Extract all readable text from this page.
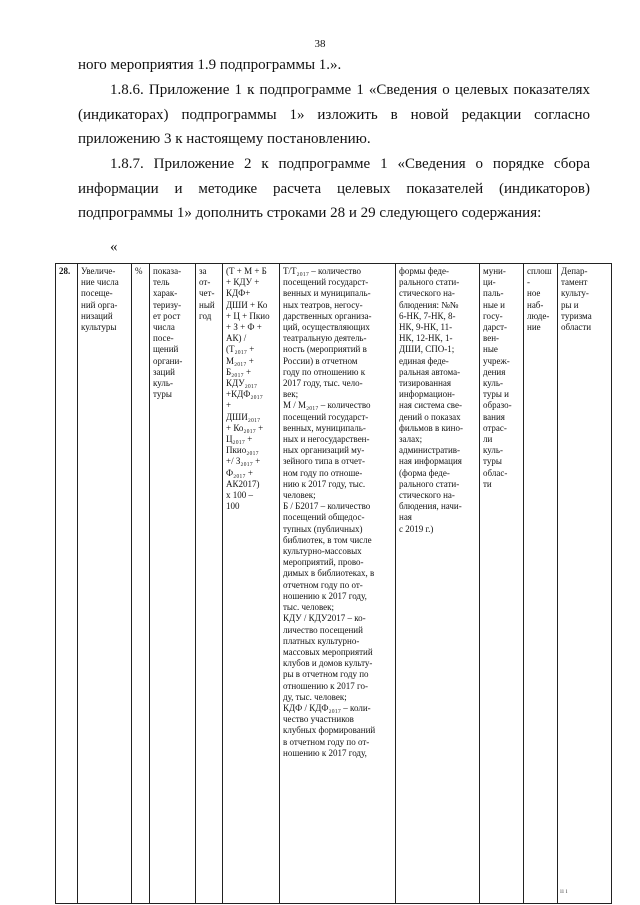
38

ного мероприятия 1.9 подпрограммы 1.».

1.8.6. Приложение 1 к подпрограмме 1 «Сведения о целевых показателях (индикаторах) подпрограммы 1» изложить в новой редакции согласно приложению 3 к настоящему постановлению.

1.8.7. Приложение 2 к подпрограмме 1 «Сведения о порядке сбора информации и методике расчета целевых показателей (индикаторов) подпрограммы 1» дополнить строками 28 и 29 следующего содержания:

«
28.	Увеличе-
ние числа
посеще-
ний орга-
низаций
культуры
	%	показа-
тель
харак-
теризу-
ет рост
числа
посе-
щений
органи-
заций
куль-
туры

за
от-
чет-
ный
год

(Т + М + Б
+ КДУ +
КДФ+
ДШИ + Ко
+ Ц + Пкио
+ З + Ф +
АК) /
(Т₂₀₁₇ +
М₂₀₁₇ +
Б₂₀₁₇ +
КДУ₂₀₁₇
+КДФ₂₀₁₇
+
ДШИ₂₀₁₇
+ Ко₂₀₁₇ +
Ц₂₀₁₇ +
Пкио₂₀₁₇
+/ З₂₀₁₇ +
Ф₂₀₁₇ +
АК2017)
х 100 –
100

Т/Т₂₀₁₇ – количество
посещений государст-
венных и муниципаль-
ных театров, негосу-
дарственных организа-
ций, осуществляющих
театральную деятель-
ность (мероприятий в
России) в отчетном
году по отношению к
2017 году, тыс. чело-
век;
М / М₂₀₁₇ – количество
посещений государст-
венных, муниципаль-
ных и негосударствен-
ных организаций му-
зейного типа в отчет-
ном году по отноше-
нию к 2017 году, тыс.
человек;
Б / Б2017 – количество
посещений общедос-
тупных (публичных)
библиотек, в том числе
культурно-массовых
мероприятий, прово-
димых в библиотеках, в
отчетном году по от-
ношению к 2017 году,
тыс. человек;
КДУ / КДУ2017 – ко-
личество посещений
платных культурно-
массовых мероприятий
клубов и домов культу-
ры в отчетном году по
отношению к 2017 го-
ду, тыс. человек;
КДФ / КДФ₂₀₁₇ – коли-
чество участников
клубных формирований
в отчетном году по от-
ношению к 2017 году,

формы феде-
рального стати-
стического на-
блюдения: №№
6-НК, 7-НК, 8-
НК, 9-НК, 11-
НК, 12-НК, 1-
ДШИ, СПО-1;
единая феде-
ральная автома-
тизированная
информацион-
ная система све-
дений о показах
фильмов в кино-
залах;
административ-
ная информация
(форма феде-
рального стати-
стического на-
блюдения, начи-
ная
с 2019 г.)

муни-
ци-
паль-
ные и
госу-
дарст-
вен-
ные
учреж-
дения
куль-
туры и
образо-
вания
отрас-
ли
куль-
туры
облас-
ти

сплош-
ное
наб-
люде-
ние

Депар-
тамент
культу-
ры и
туризма
области
ıı ı
